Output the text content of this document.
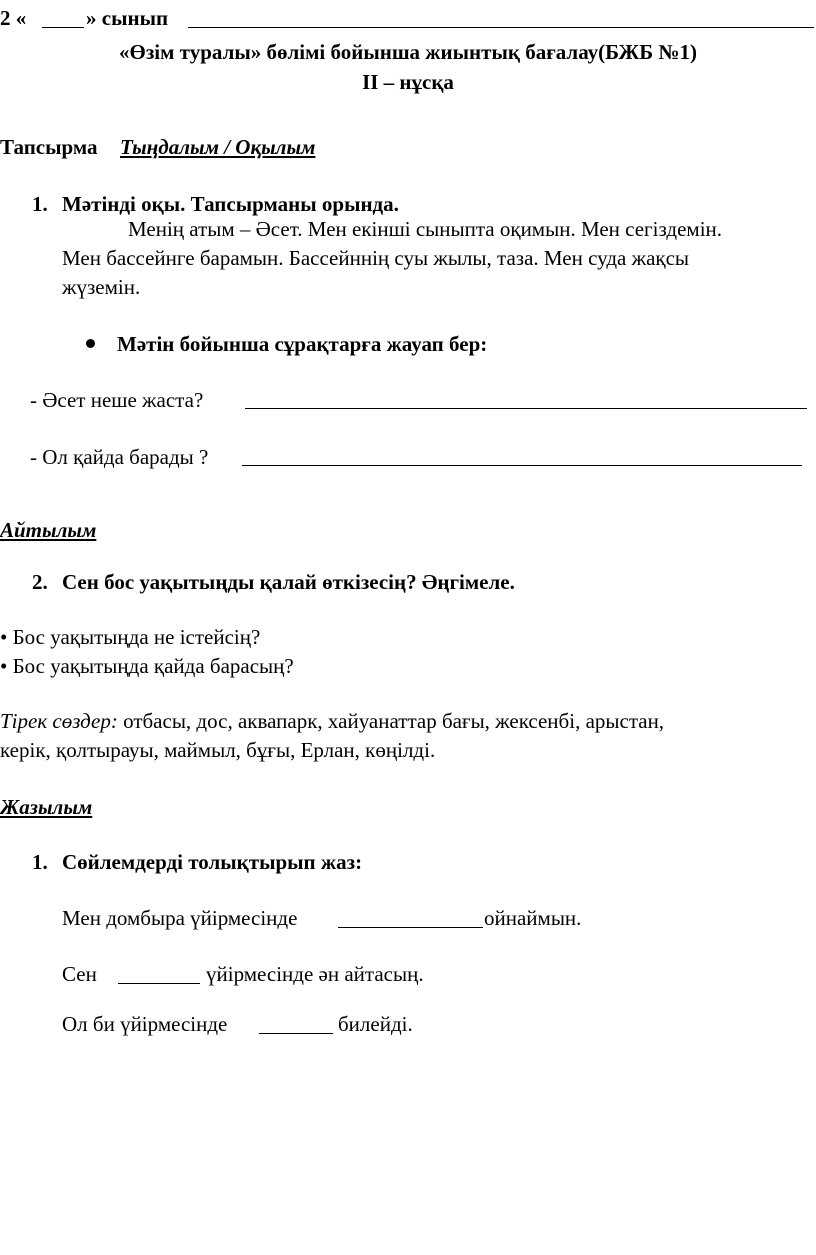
2 «	» сынып
«Өзім туралы» бөлімі бойынша жиынтық бағалау(БЖБ №1)
II – нұсқа
Тапсырма Тыңдалым / Оқылым
1. Мәтінді оқы. Тапсырманы орында.
Менің атым – Әсет. Мен екінші сыныпта оқимын. Мен сегіздемін.
Мен бассейнге барамын. Бассейннің суы жылы, таза. Мен суда жақсы
жүземін.
Мәтін бойынша сұрақтарға жауап бер:
- Әсет неше жаста?
- Ол қайда барады ?
Айтылым
2. Сен бос уақытыңды қалай өткізесің? Әңгімеле.
• Бос уақытыңда не істейсің?
• Бос уақытыңда қайда барасың?
Тірек сөздер: отбасы, дос, аквапарк, хайуанаттар бағы, жексенбі, арыстан,
керік, қолтырауы, маймыл, бұғы, Ерлан, көңілді.
Жазылым
1. Сөйлемдерді толықтырып жаз:
Мен домбыра үйірмесінде	ойнаймын.
Сен	үйірмесінде ән айтасың.
Ол би үйірмесінде	билейді.
